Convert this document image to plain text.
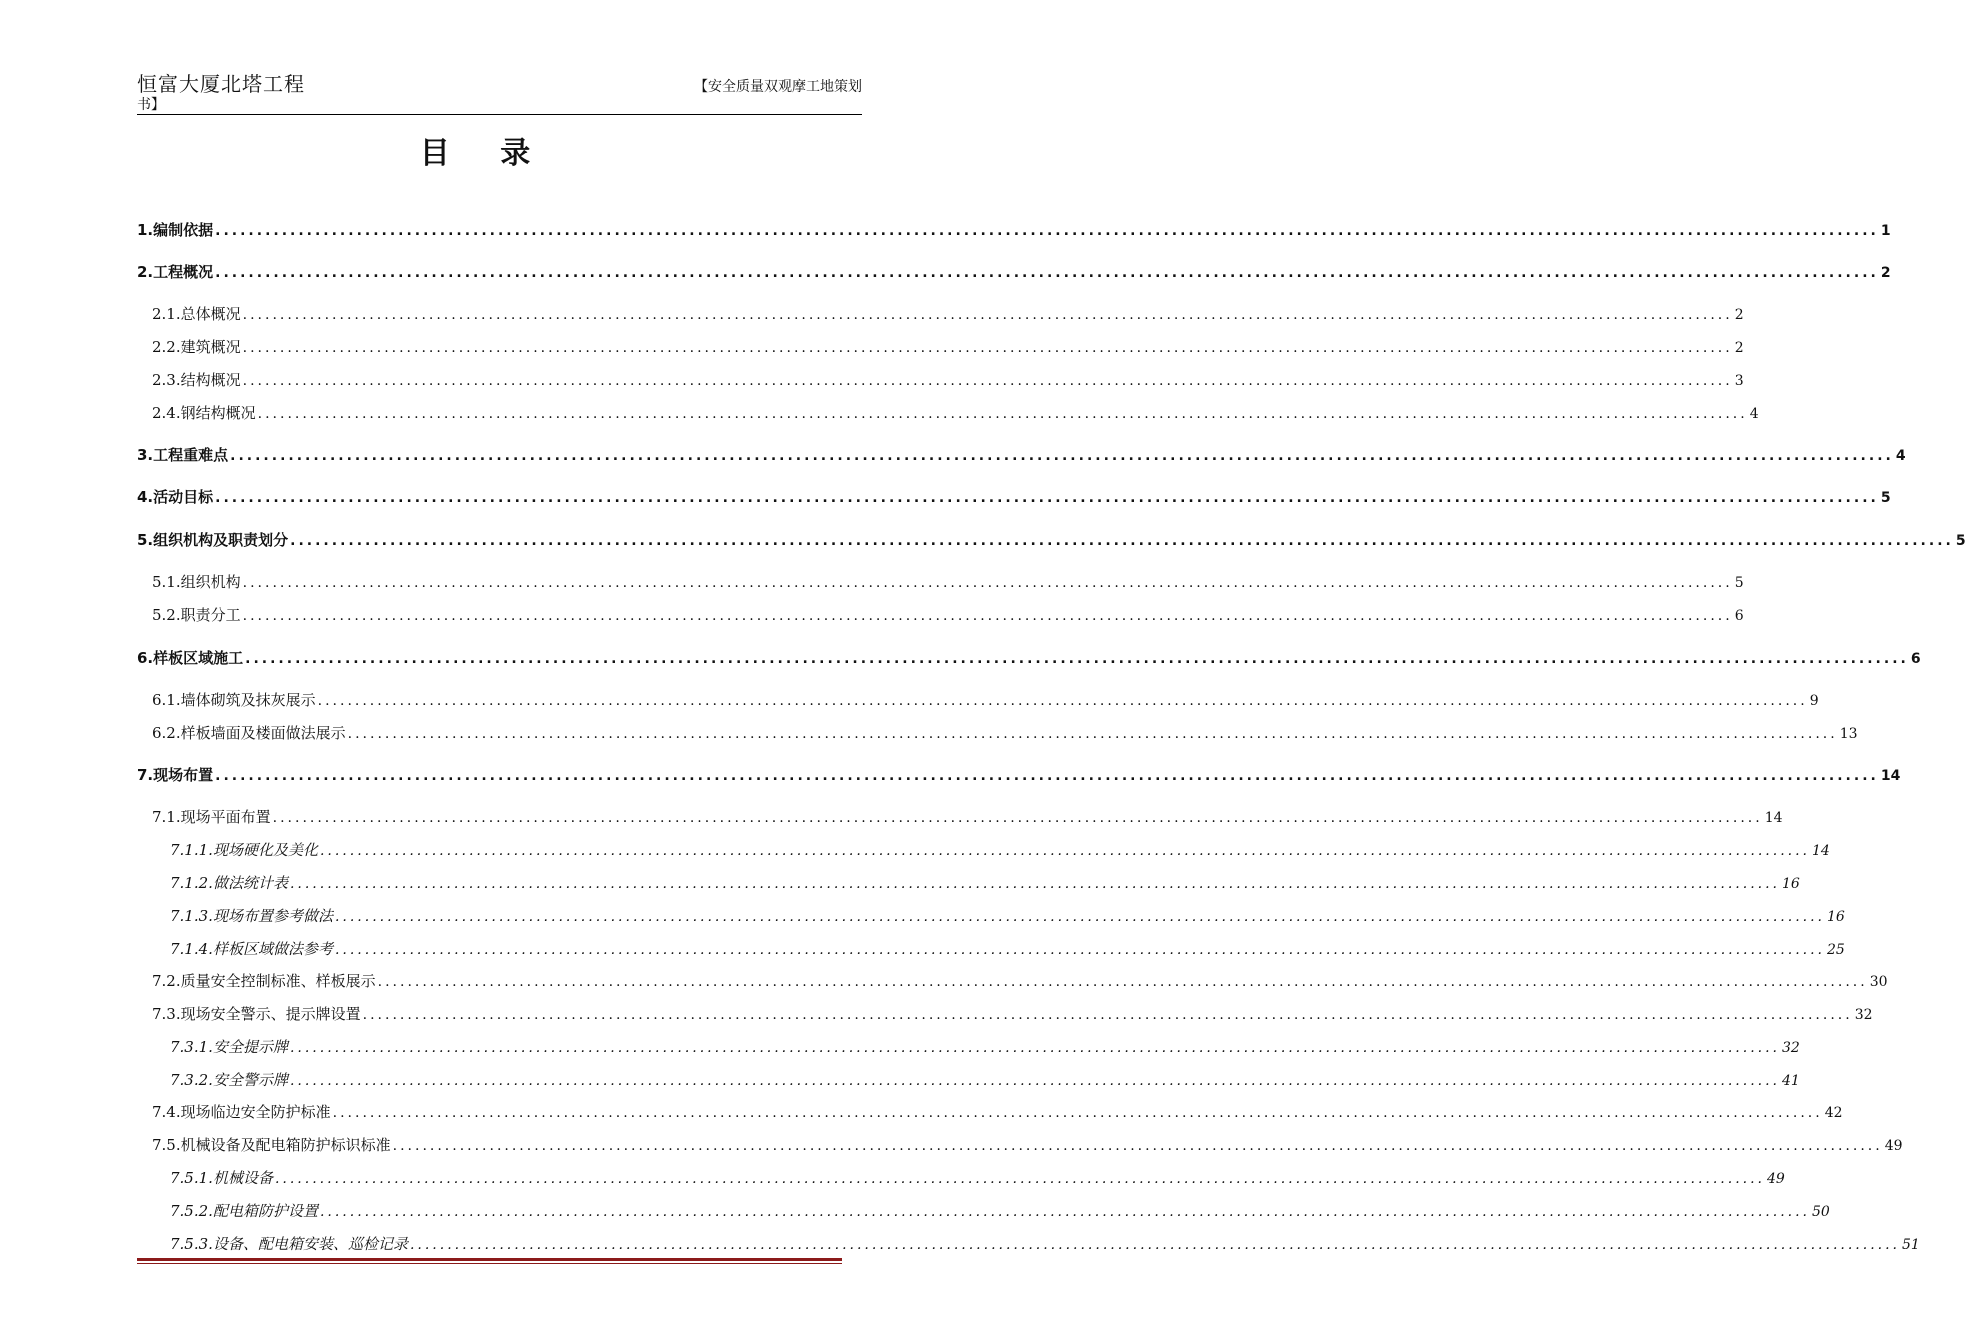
恒富大厦北塔工程
书】
【安全质量双观摩工地策划
目 录
1. 编制依据 ........................................................................................................................................................................................................ 1
2. 工程概况 ........................................................................................................................................................................................................ 2
2.1. 总体概况 ........................................................................................................................................................................................................ 2
2.2. 建筑概况 ........................................................................................................................................................................................................ 2
2.3. 结构概况 ........................................................................................................................................................................................................ 3
2.4. 钢结构概况 ........................................................................................................................................................................................................ 4
3. 工程重难点 ........................................................................................................................................................................................................ 4
4. 活动目标 ........................................................................................................................................................................................................ 5
5. 组织机构及职责划分 ........................................................................................................................................................................................................ 5
5.1. 组织机构 ........................................................................................................................................................................................................ 5
5.2. 职责分工 ........................................................................................................................................................................................................ 6
6. 样板区域施工 ........................................................................................................................................................................................................ 6
6.1. 墙体砌筑及抹灰展示 ........................................................................................................................................................................................................ 9
6.2. 样板墙面及楼面做法展示 ........................................................................................................................................................................................................ 13
7. 现场布置 ........................................................................................................................................................................................................ 14
7.1. 现场平面布置 ........................................................................................................................................................................................................ 14
7.1.1. 现场硬化及美化 ........................................................................................................................................................................................................ 14
7.1.2. 做法统计表 ........................................................................................................................................................................................................ 16
7.1.3. 现场布置参考做法 ........................................................................................................................................................................................................ 16
7.1.4. 样板区域做法参考 ........................................................................................................................................................................................................ 25
7.2. 质量安全控制标准、样板展示 ........................................................................................................................................................................................................ 30
7.3. 现场安全警示、提示牌设置 ........................................................................................................................................................................................................ 32
7.3.1. 安全提示牌 ........................................................................................................................................................................................................ 32
7.3.2. 安全警示牌 ........................................................................................................................................................................................................ 41
7.4. 现场临边安全防护标准 ........................................................................................................................................................................................................ 42
7.5. 机械设备及配电箱防护标识标准 ........................................................................................................................................................................................................ 49
7.5.1. 机械设备 ........................................................................................................................................................................................................ 49
7.5.2. 配电箱防护设置 ........................................................................................................................................................................................................ 50
7.5.3. 设备、配电箱安装、巡检记录 ........................................................................................................................................................................................................ 51
